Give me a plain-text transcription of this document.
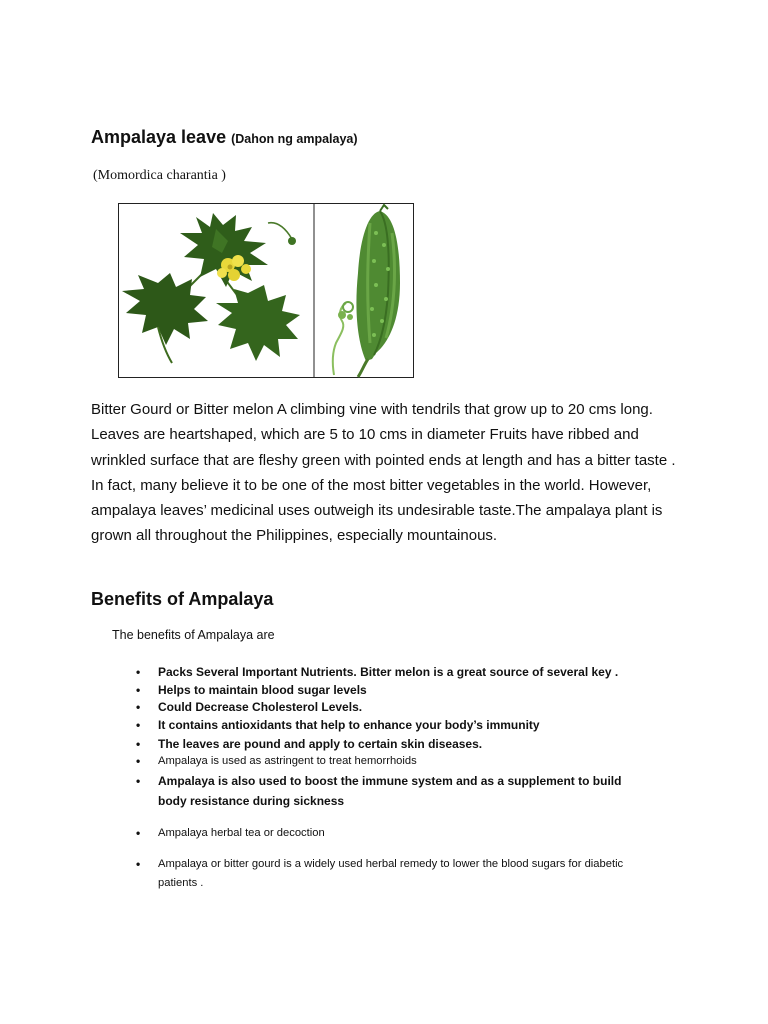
Ampalaya leave (Dahon ng ampalaya)
(Momordica charantia )

Bitter Gourd or Bitter melon A climbing vine with tendrils that grow up to 20 cms long. Leaves are heartshaped, which are 5 to 10 cms in diameter Fruits have ribbed and wrinkled surface that are fleshy green with pointed ends at length and has a bitter taste . In fact, many believe it to be one of the most bitter vegetables in the world. However, ampalaya leaves’ medicinal uses outweigh its undesirable taste.The ampalaya plant is grown all throughout the Philippines, especially mountainous.

Benefits of Ampalaya
The benefits of Ampalaya are
• Packs Several Important Nutrients. Bitter melon is a great source of several key .
• Helps to maintain blood sugar levels
• Could Decrease Cholesterol Levels.
• It contains antioxidants that help to enhance your body’s immunity
• The leaves are pound and apply to certain skin diseases.
• Ampalaya is used as astringent to treat hemorrhoids
• Ampalaya is also used to boost the immune system and as a supplement to build body resistance during sickness
• Ampalaya herbal tea or decoction
• Ampalaya or bitter gourd is a widely used herbal remedy to lower the blood sugars for diabetic patients .
